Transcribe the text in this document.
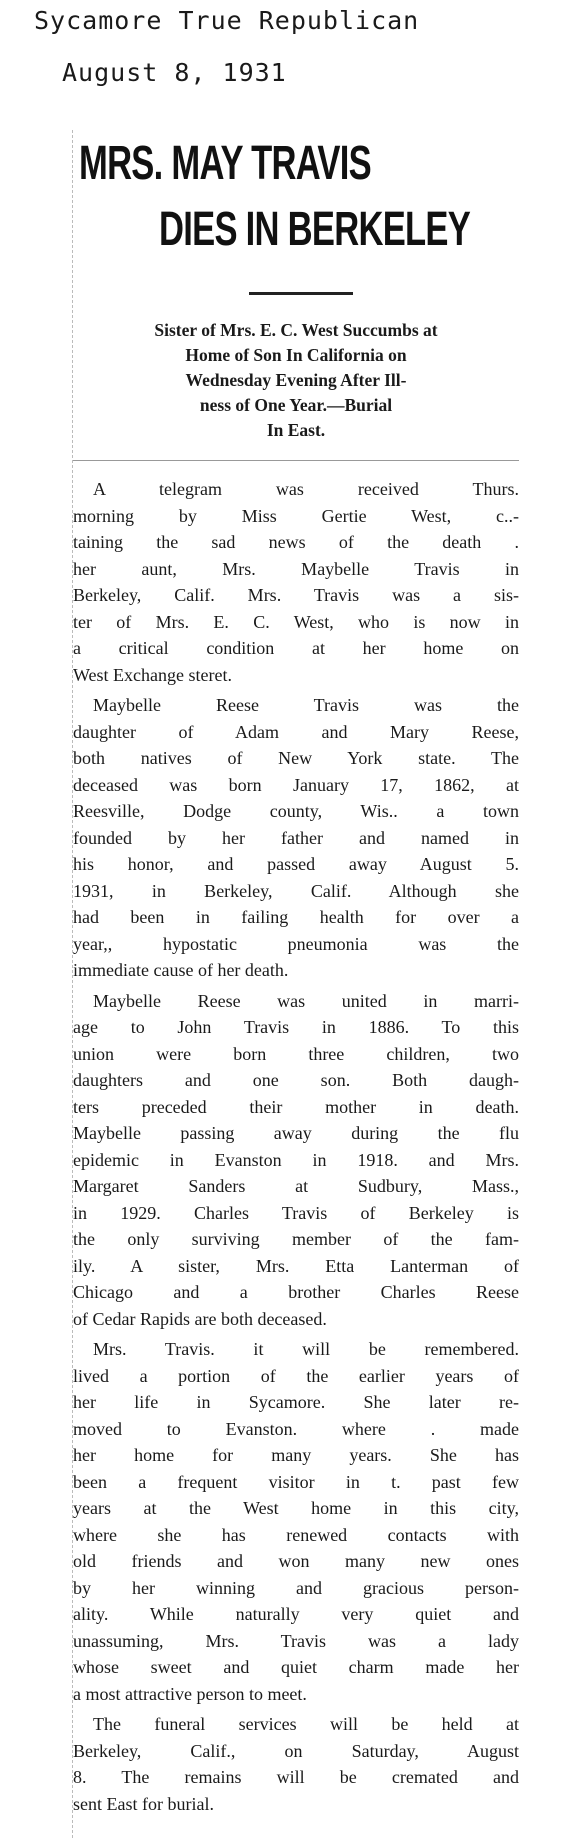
Sycamore True Republican
August 8, 1931
MRS. MAY TRAVIS
DIES IN BERKELEY
Sister of Mrs. E. C. West Succumbs at
Home of Son In California on
Wednesday Evening After Ill-
ness of One Year.—Burial
In East.

A telegram was received Thurs.
morning by Miss Gertie West, c..-
taining the sad news of the death .
her aunt, Mrs. Maybelle Travis in
Berkeley, Calif. Mrs. Travis was a sis-
ter of Mrs. E. C. West, who is now in
a critical condition at her home on
West Exchange steret.

Maybelle Reese Travis was the
daughter of Adam and Mary Reese,
both natives of New York state. The
deceased was born January 17, 1862, at
Reesville, Dodge county, Wis.. a town
founded by her father and named in
his honor, and passed away August 5.
1931, in Berkeley, Calif. Although she
had been in failing health for over a
year,, hypostatic pneumonia was the
immediate cause of her death.

Maybelle Reese was united in marri-
age to John Travis in 1886. To this
union were born three children, two
daughters and one son. Both daugh-
ters preceded their mother in death.
Maybelle passing away during the flu
epidemic in Evanston in 1918. and Mrs.
Margaret Sanders at Sudbury, Mass.,
in 1929. Charles Travis of Berkeley is
the only surviving member of the fam-
ily. A sister, Mrs. Etta Lanterman of
Chicago and a brother Charles Reese
of Cedar Rapids are both deceased.

Mrs. Travis. it will be remembered.
lived a portion of the earlier years of
her life in Sycamore. She later re-
moved to Evanston. where . made
her home for many years. She has
been a frequent visitor in t. past few
years at the West home in this city,
where she has renewed contacts with
old friends and won many new ones
by her winning and gracious person-
ality. While naturally very quiet and
unassuming, Mrs. Travis was a lady
whose sweet and quiet charm made her
a most attractive person to meet.

The funeral services will be held at
Berkeley, Calif., on Saturday, August
8. The remains will be cremated and
sent East for burial.
